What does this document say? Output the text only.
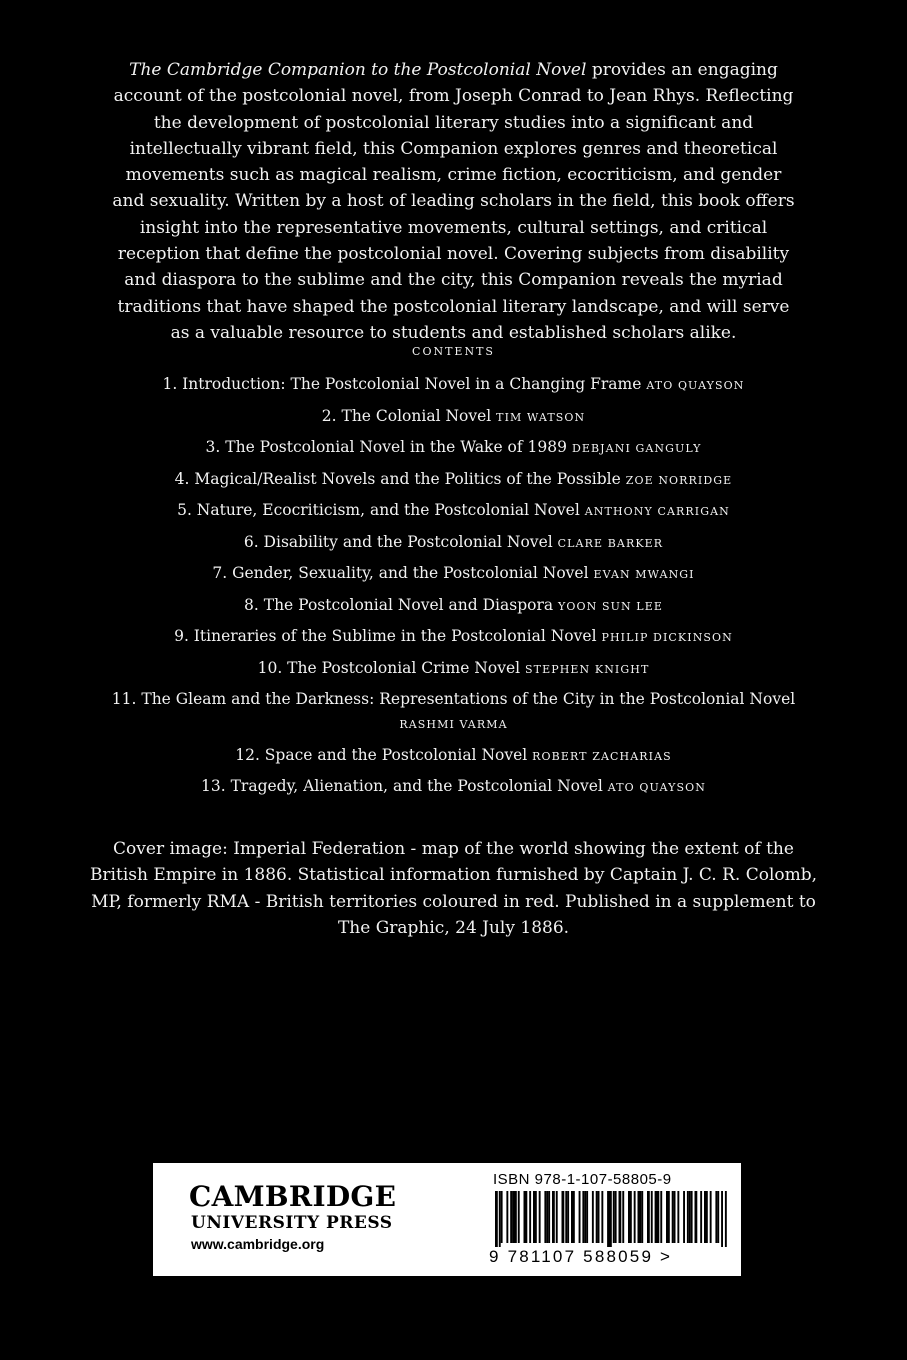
The Cambridge Companion to the Postcolonial Novel provides an engaging account of the postcolonial novel, from Joseph Conrad to Jean Rhys. Reflecting the development of postcolonial literary studies into a significant and intellectually vibrant field, this Companion explores genres and theoretical movements such as magical realism, crime fiction, ecocriticism, and gender and sexuality. Written by a host of leading scholars in the field, this book offers insight into the representative movements, cultural settings, and critical reception that define the postcolonial novel. Covering subjects from disability and diaspora to the sublime and the city, this Companion reveals the myriad traditions that have shaped the postcolonial literary landscape, and will serve as a valuable resource to students and established scholars alike.
CONTENTS
1. Introduction: The Postcolonial Novel in a Changing Frame ATO QUAYSON
2. The Colonial Novel TIM WATSON
3. The Postcolonial Novel in the Wake of 1989 DEBJANI GANGULY
4. Magical/Realist Novels and the Politics of the Possible ZOE NORRIDGE
5. Nature, Ecocriticism, and the Postcolonial Novel ANTHONY CARRIGAN
6. Disability and the Postcolonial Novel CLARE BARKER
7. Gender, Sexuality, and the Postcolonial Novel EVAN MWANGI
8. The Postcolonial Novel and Diaspora YOON SUN LEE
9. Itineraries of the Sublime in the Postcolonial Novel PHILIP DICKINSON
10. The Postcolonial Crime Novel STEPHEN KNIGHT
11. The Gleam and the Darkness: Representations of the City in the Postcolonial Novel RASHMI VARMA
12. Space and the Postcolonial Novel ROBERT ZACHARIAS
13. Tragedy, Alienation, and the Postcolonial Novel ATO QUAYSON
Cover image: Imperial Federation - map of the world showing the extent of the British Empire in 1886. Statistical information furnished by Captain J. C. R. Colomb, MP, formerly RMA - British territories coloured in red. Published in a supplement to The Graphic, 24 July 1886.
CAMBRIDGE
UNIVERSITY PRESS
www.cambridge.org
ISBN 978-1-107-58805-9
9 781107 588059 >
